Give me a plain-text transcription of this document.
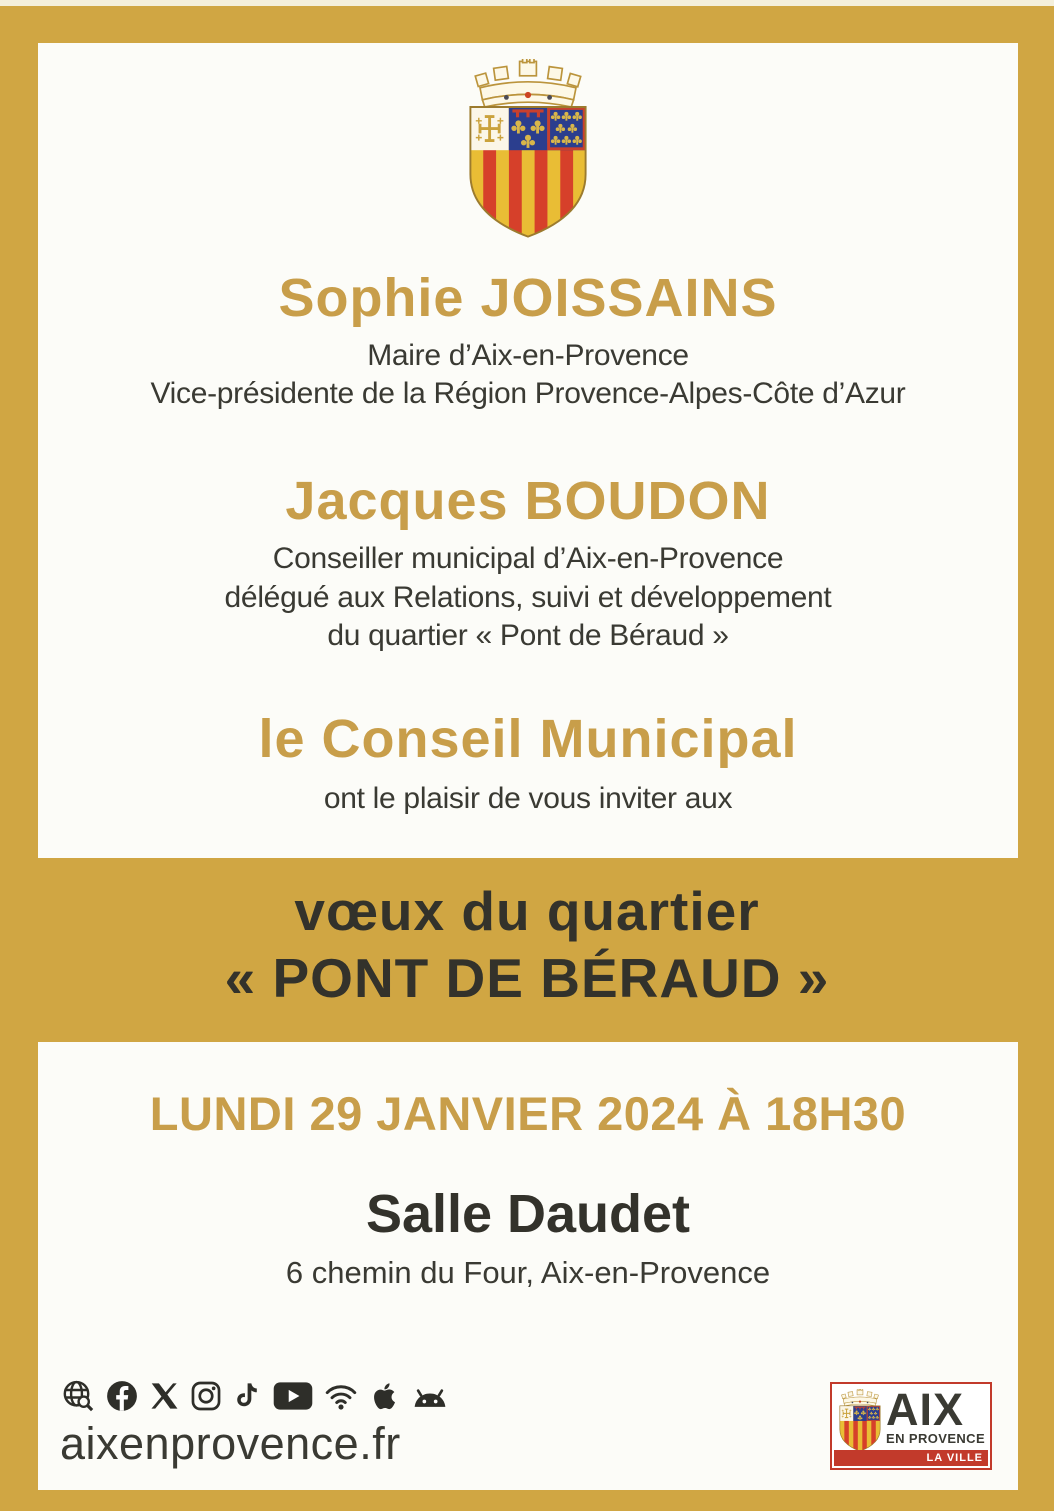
Sophie JOISSAINS

Maire d’Aix-en-Provence

Vice-présidente de la Région Provence-Alpes-Côte d’Azur

Jacques BOUDON

Conseiller municipal d’Aix-en-Provence

délégué aux Relations, suivi et développement

du quartier « Pont de Béraud »

le Conseil Municipal

ont le plaisir de vous inviter aux

vœux du quartier
« PONT DE BÉRAUD »
LUNDI 29 JANVIER 2024 À 18H30
Salle Daudet

6 chemin du Four, Aix-en-Provence

aixenprovence.fr
AIX
EN PROVENCE
LA VILLE
